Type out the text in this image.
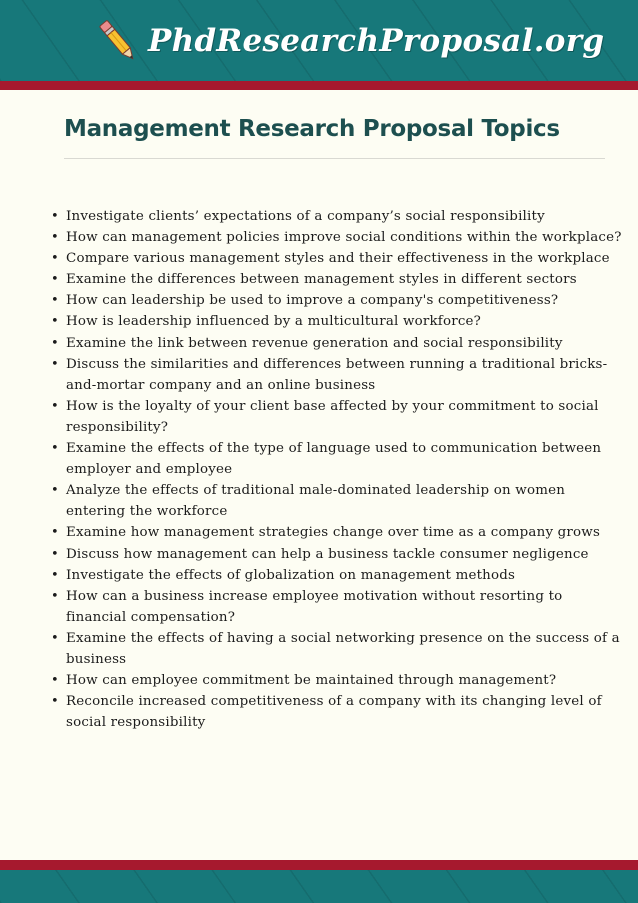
PhdResearchProposal.org
Management Research Proposal Topics
• Investigate clients’ expectations of a company’s social responsibility
• How can management policies improve social conditions within the workplace?
• Compare various management styles and their effectiveness in the workplace
• Examine the differences between management styles in different sectors
• How can leadership be used to improve a company's competitiveness?
• How is leadership influenced by a multicultural workforce?
• Examine the link between revenue generation and social responsibility
• Discuss the similarities and differences between running a traditional bricks-and-mortar company and an online business
• How is the loyalty of your client base affected by your commitment to social responsibility?
• Examine the effects of the type of language used to communication between employer and employee
• Analyze the effects of traditional male-dominated leadership on women entering the workforce
• Examine how management strategies change over time as a company grows
• Discuss how management can help a business tackle consumer negligence
• Investigate the effects of globalization on management methods
• How can a business increase employee motivation without resorting to financial compensation?
• Examine the effects of having a social networking presence on the success of a business
• How can employee commitment be maintained through management?
• Reconcile increased competitiveness of a company with its changing level of social responsibility
